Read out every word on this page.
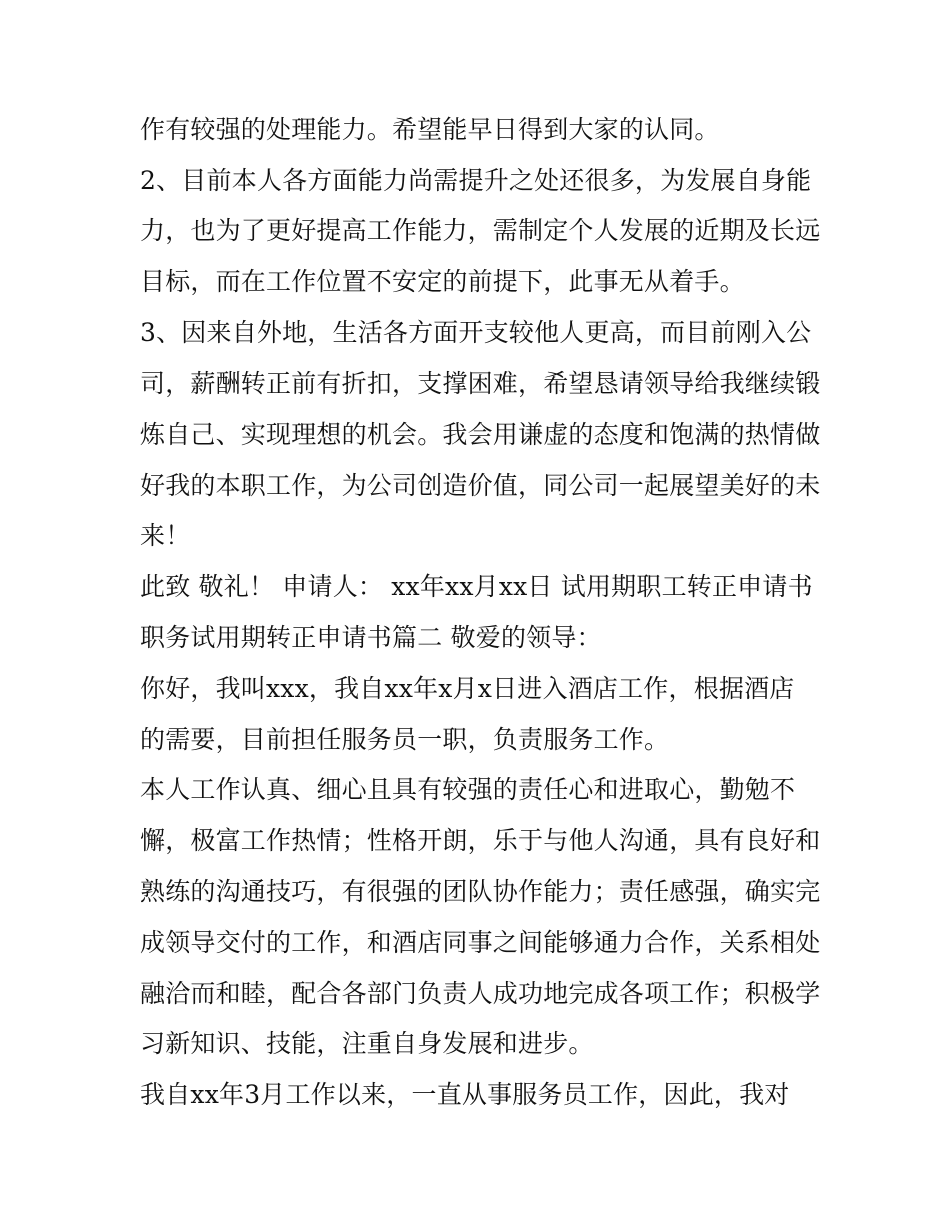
作有较强的处理能力。希望能早日得到大家的认同。
2、目前本人各方面能力尚需提升之处还很多，为发展自身能
力，也为了更好提高工作能力，需制定个人发展的近期及长远
目标，而在工作位置不安定的前提下，此事无从着手。
3、因来自外地，生活各方面开支较他人更高，而目前刚入公
司，薪酬转正前有折扣，支撑困难，希望恳请领导给我继续锻
炼自己、实现理想的机会。我会用谦虚的态度和饱满的热情做
好我的本职工作，为公司创造价值，同公司一起展望美好的未
来！
此致 敬礼！ 申请人： xx年xx月xx日 试用期职工转正申请书
职务试用期转正申请书篇二 敬爱的领导：
你好，我叫xxx，我自xx年x月x日进入酒店工作，根据酒店
的需要，目前担任服务员一职，负责服务工作。
本人工作认真、细心且具有较强的责任心和进取心，勤勉不
懈，极富工作热情；性格开朗，乐于与他人沟通，具有良好和
熟练的沟通技巧，有很强的团队协作能力；责任感强，确实完
成领导交付的工作，和酒店同事之间能够通力合作，关系相处
融洽而和睦，配合各部门负责人成功地完成各项工作；积极学
习新知识、技能，注重自身发展和进步。
我自xx年3月工作以来，一直从事服务员工作，因此，我对
